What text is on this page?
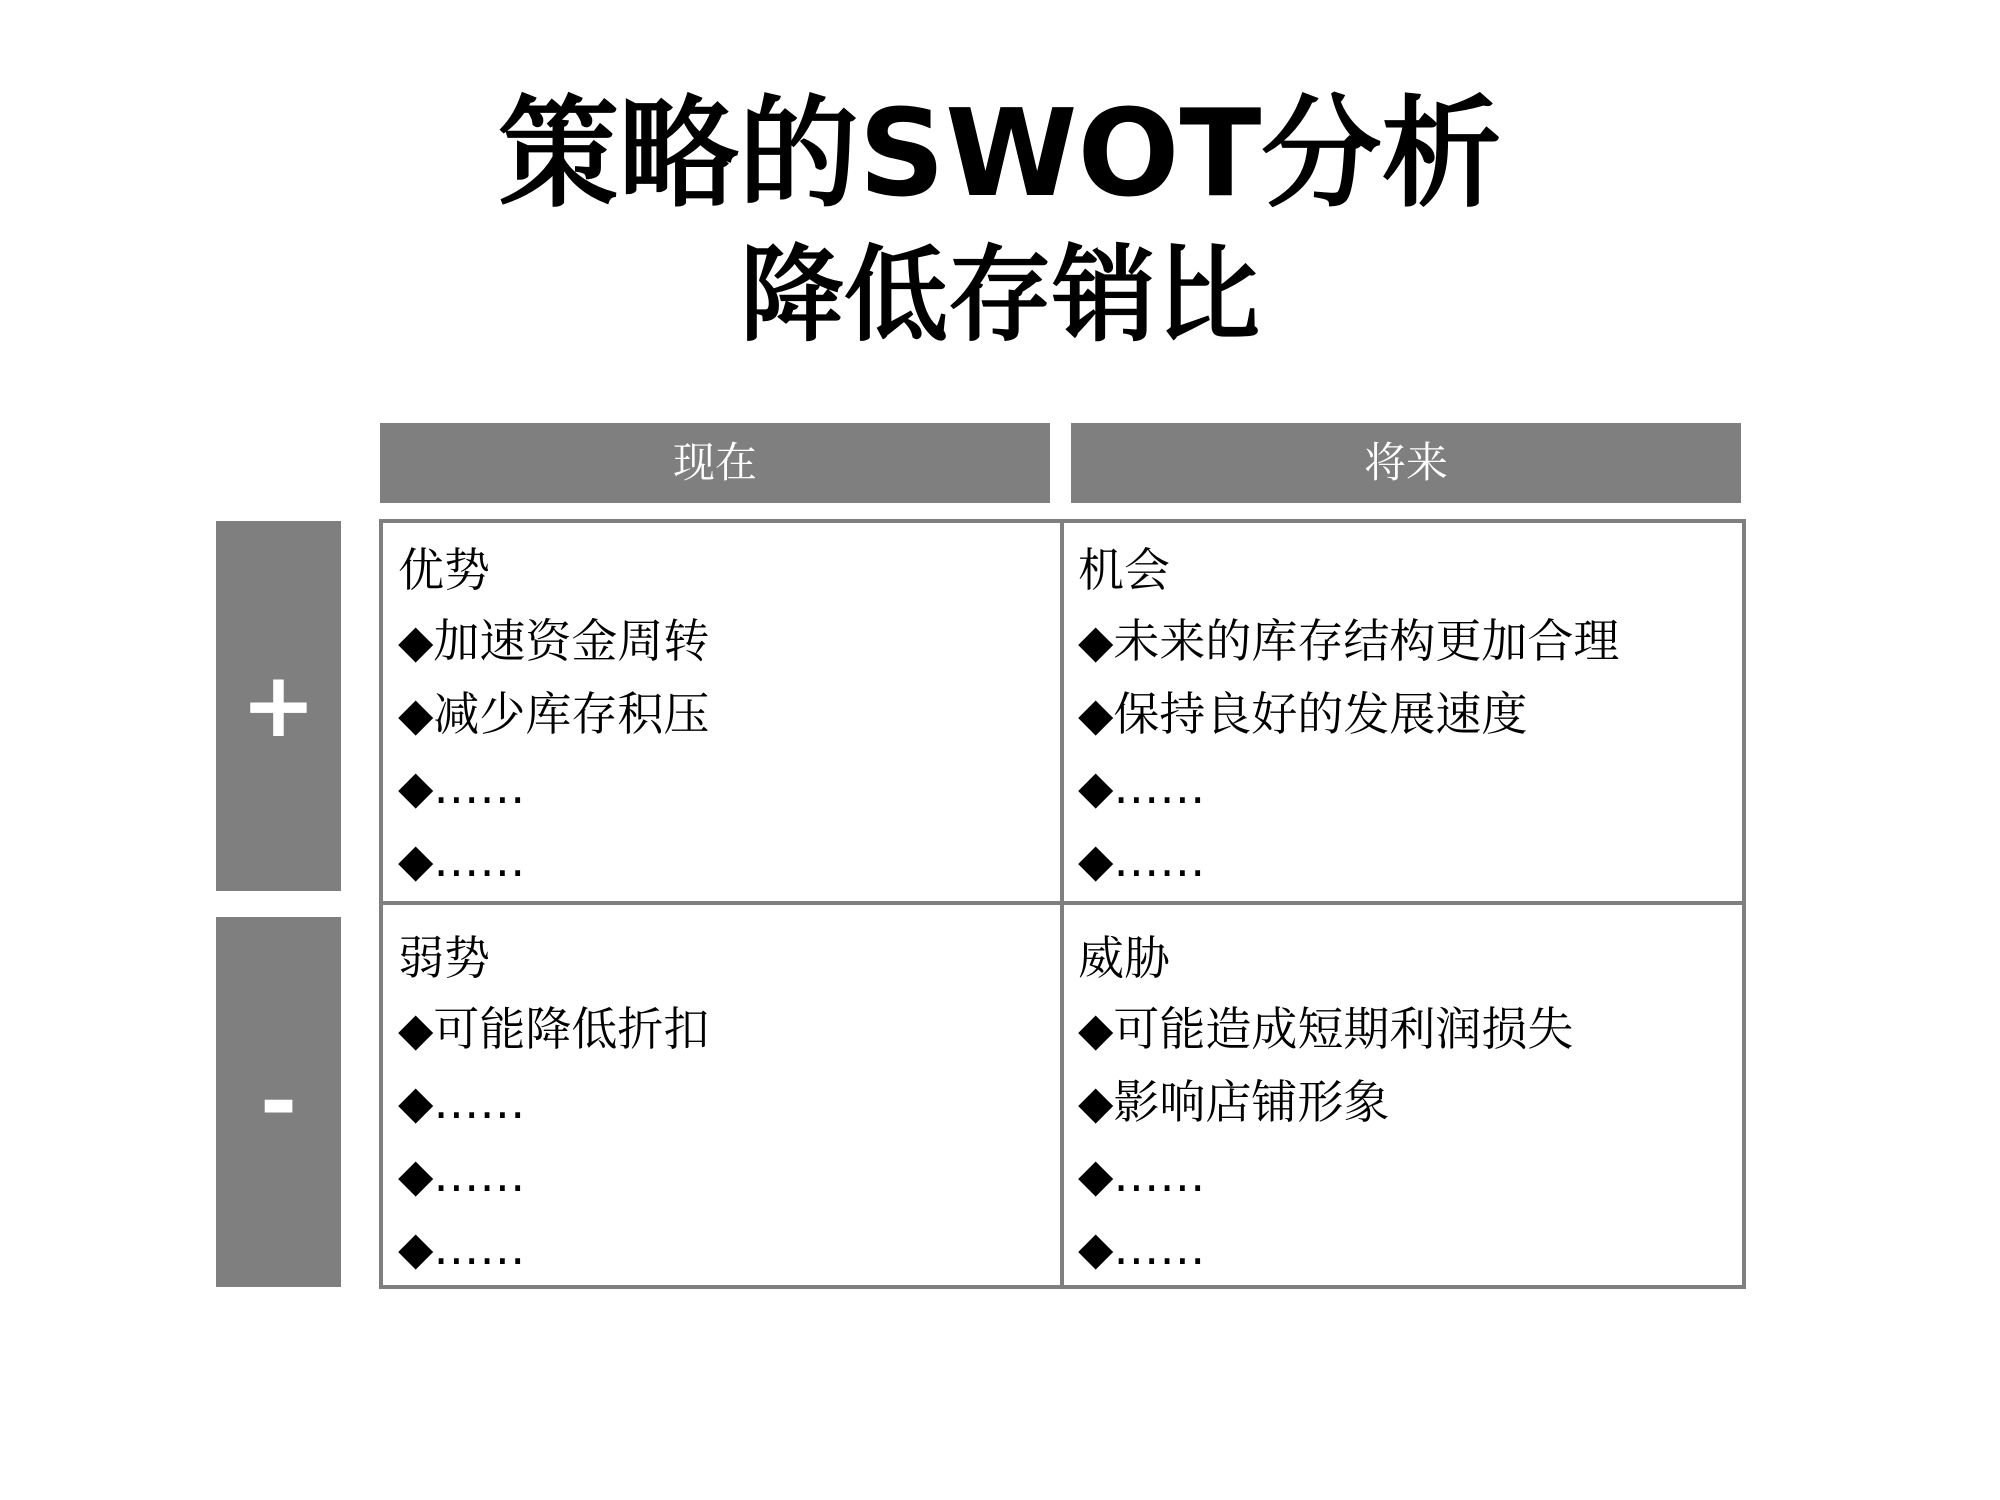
策略的SWOT分析
降低存销比
现在	将来
+
-
优势
◆加速资金周转
◆减少库存积压
◆……
◆……
机会
◆未来的库存结构更加合理
◆保持良好的发展速度
◆……
◆……
弱势
◆可能降低折扣
◆……
◆……
◆……
威胁
◆可能造成短期利润损失
◆影响店铺形象
◆……
◆……
